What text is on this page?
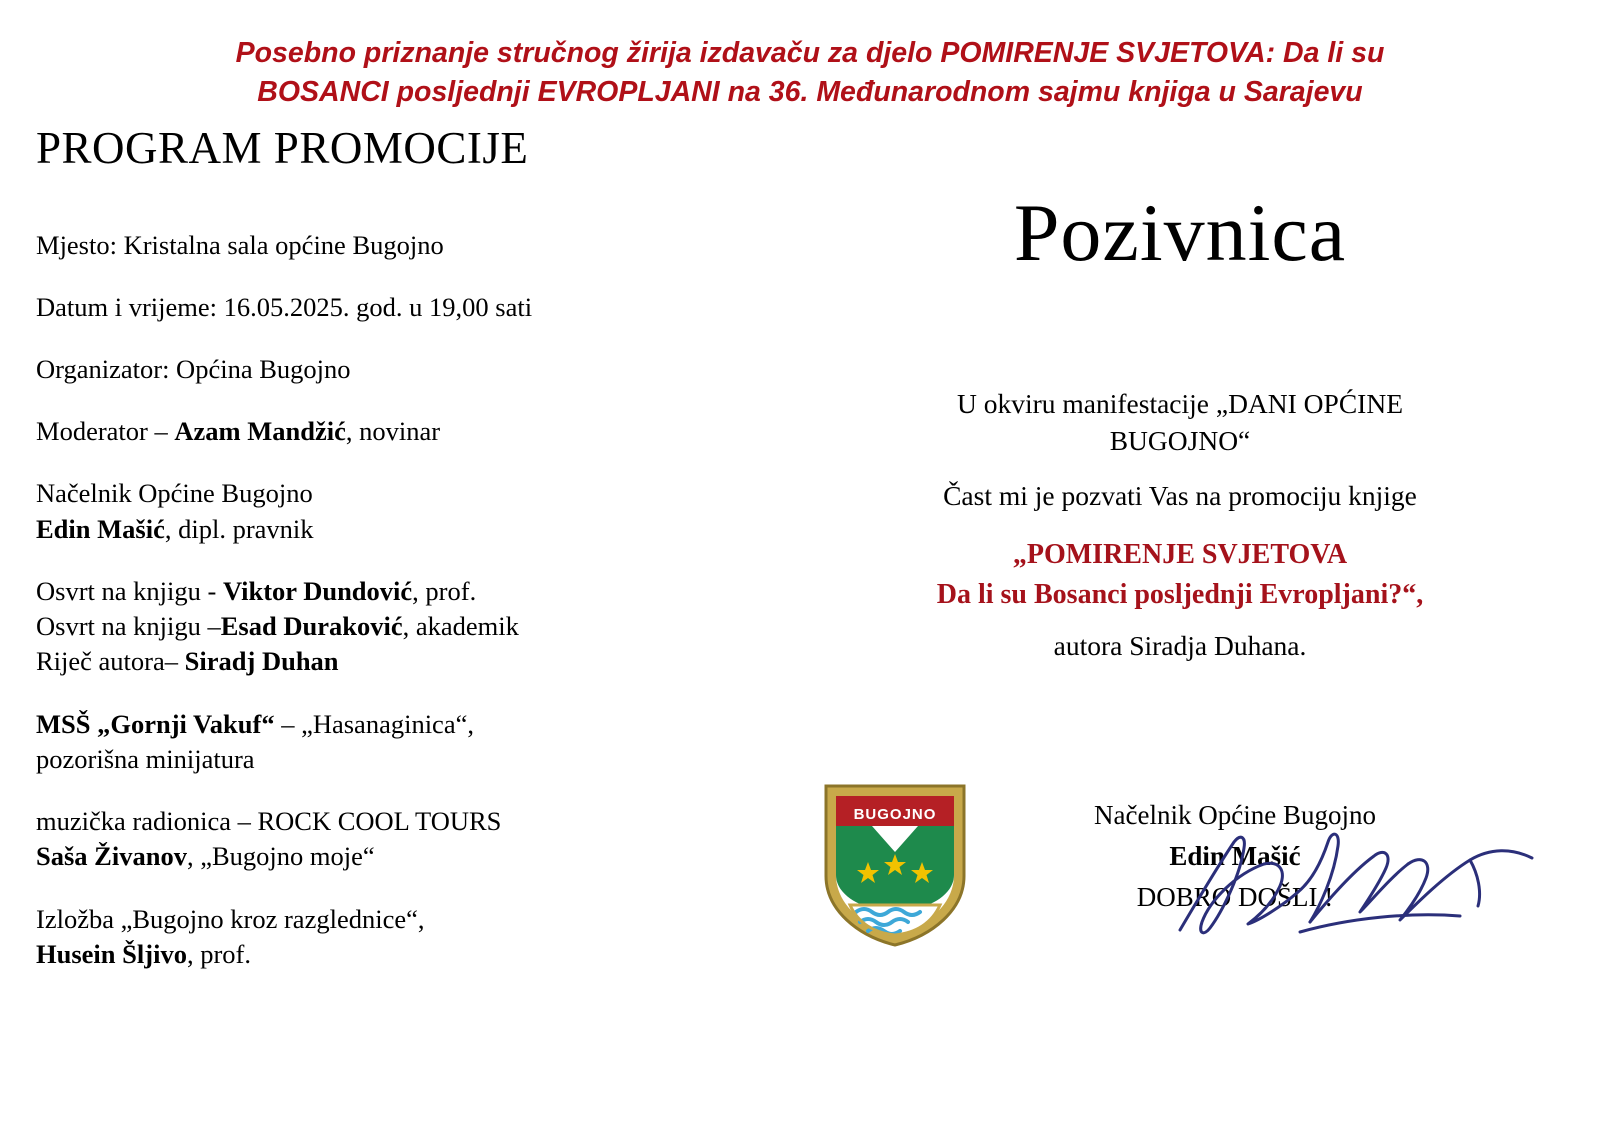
Posebno priznanje stručnog žirija izdavaču za djelo POMIRENJE SVJETOVA: Da li su
BOSANCI posljednji EVROPLJANI na 36. Međunarodnom sajmu knjiga u Sarajevu
PROGRAM PROMOCIJE
Mjesto: Kristalna sala općine Bugojno
Datum i vrijeme: 16.05.2025. god. u 19,00 sati
Organizator: Općina Bugojno
Moderator – Azam Mandžić, novinar
Načelnik Općine Bugojno
Edin Mašić, dipl. pravnik
Osvrt na knjigu - Viktor Dundović, prof.
Osvrt na knjigu –Esad Duraković, akademik
Riječ autora– Siradj Duhan
MSŠ „Gornji Vakuf“ – „Hasanaginica“,
pozorišna minijatura
muzička radionica – ROCK COOL TOURS
Saša Živanov, „Bugojno moje“
Izložba „Bugojno kroz razglednice“,
Husein Šljivo, prof.
Pozivnica
U okviru manifestacije „DANI OPĆINE
BUGOJNO“
Čast mi je pozvati Vas na promociju knjige
„POMIRENJE SVJETOVA
Da li su Bosanci posljednji Evropljani?“,
autora Siradja Duhana.
BUGOJNO	Načelnik Općine Bugojno
Edin Mašić
DOBRO DOŠLI !
